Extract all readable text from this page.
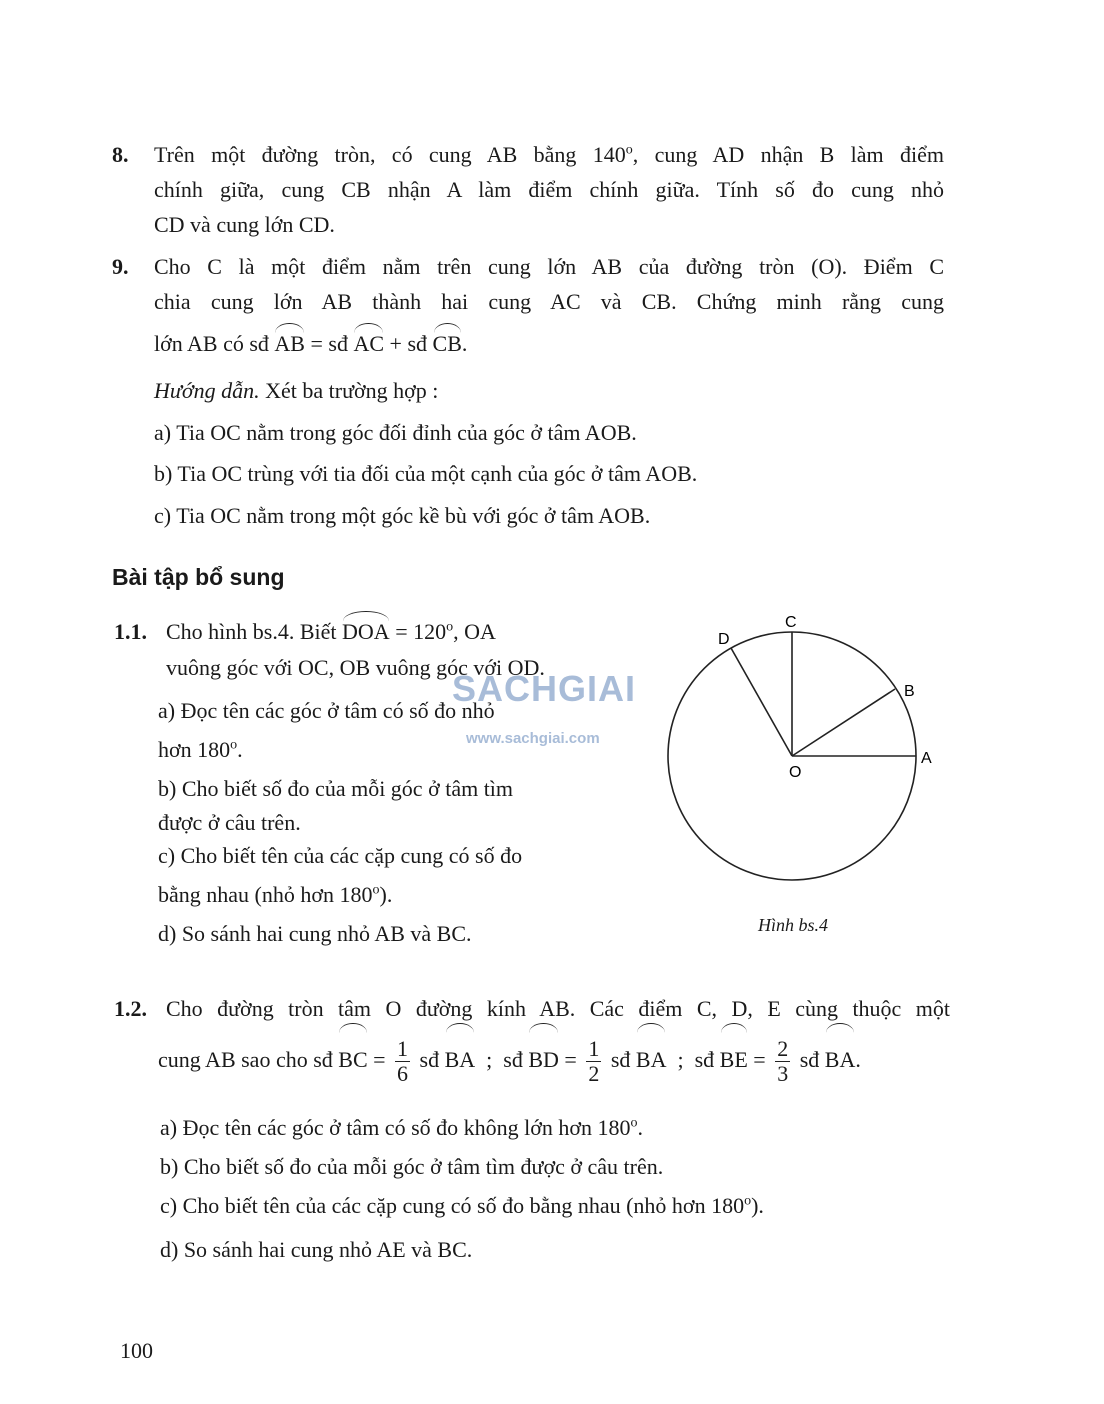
8. Trên một đường tròn, có cung AB bằng 140$^o$, cung AD nhận B làm điểm
chính giữa, cung CB nhận A làm điểm chính giữa. Tính số đo cung nhỏ
CD và cung lớn CD.
9. Cho C là một điểm nằm trên cung lớn AB của đường tròn (O). Điểm C
chia cung lớn AB thành hai cung AC và CB. Chứng minh rằng cung
lớn AB có sđ AB = sđ AC + sđ CB.
Hướng dẫn. Xét ba trường hợp :
a) Tia OC nằm trong góc đối đỉnh của góc ở tâm AOB.
b) Tia OC trùng với tia đối của một cạnh của góc ở tâm AOB.
c) Tia OC nằm trong một góc kề bù với góc ở tâm AOB.
Bài tập bổ sung
1.1. Cho hình bs.4. Biết DOA = $120^o$, OA
vuông góc với OC, OB vuông góc với OD.
a) Đọc tên các góc ở tâm có số đo nhỏ
hơn 180$^o$.
b) Cho biết số đo của mỗi góc ở tâm tìm
được ở câu trên.
c) Cho biết tên của các cặp cung có số đo
bằng nhau (nhỏ hơn 180$^o$).
d) So sánh hai cung nhỏ AB và BC.
SACHGIAI
www.sachgiai.com
C
D
B
A
O
Hình bs.4
1.2. Cho đường tròn tâm O đường kính AB. Các điểm C, D, E cùng thuộc một
cung AB sao cho sđ BC = $\frac{1}{6}$ sđ BA ; sđ BD = $\frac{1}{2}$ sđ BA ; sđ BE = $\frac{2}{3}$ sđ BA.
a) Đọc tên các góc ở tâm có số đo không lớn hơn 180$^o$.
b) Cho biết số đo của mỗi góc ở tâm tìm được ở câu trên.
c) Cho biết tên của các cặp cung có số đo bằng nhau (nhỏ hơn 180$^o$).
d) So sánh hai cung nhỏ AE và BC.
100
